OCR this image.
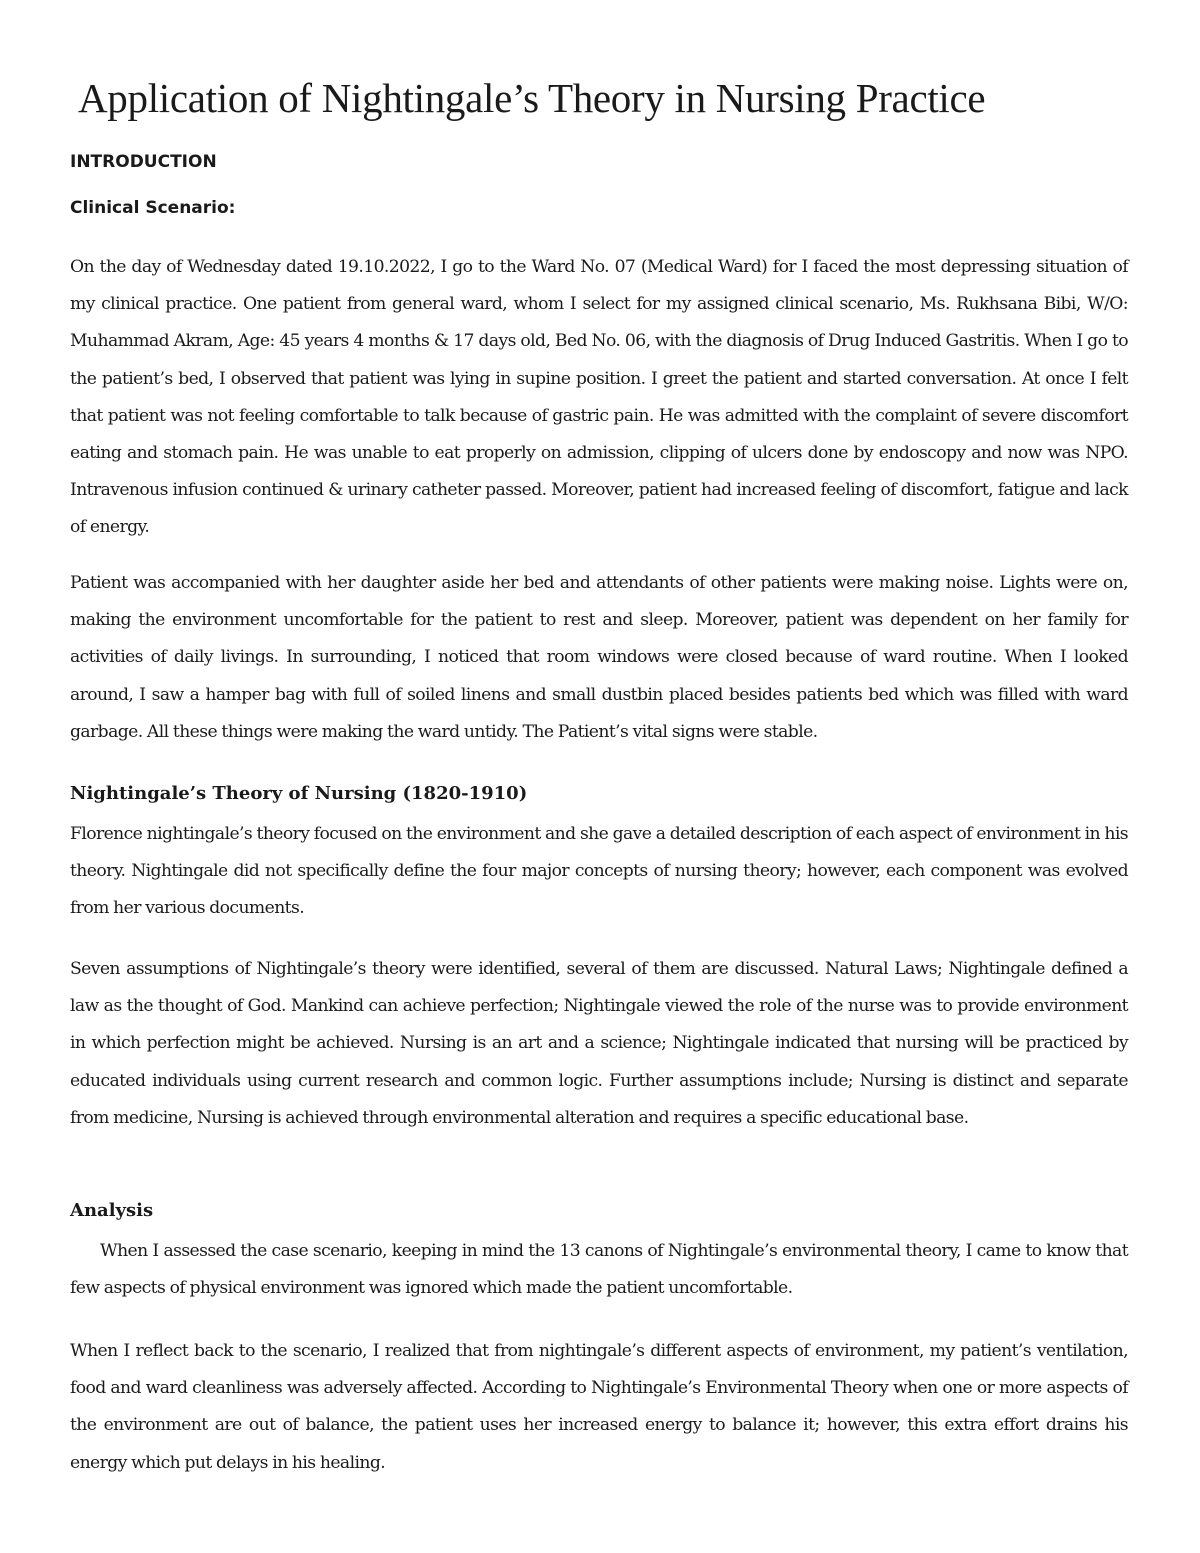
Application of Nightingale’s Theory in Nursing Practice
INTRODUCTION
Clinical Scenario:

On the day of Wednesday dated 19.10.2022, I go to the Ward No. 07 (Medical Ward) for I faced the most depressing situation of my clinical practice. One patient from general ward, whom I select for my assigned clinical scenario, Ms. Rukhsana Bibi, W/O: Muhammad Akram, Age: 45 years 4 months & 17 days old, Bed No. 06, with the diagnosis of Drug Induced Gastritis. When I go to the patient’s bed, I observed that patient was lying in supine position. I greet the patient and started conversation. At once I felt that patient was not feeling comfortable to talk because of gastric pain. He was admitted with the complaint of severe discomfort eating and stomach pain. He was unable to eat properly on admission, clipping of ulcers done by endoscopy and now was NPO. Intravenous infusion continued & urinary catheter passed. Moreover, patient had increased feeling of discomfort, fatigue and lack of energy.

Patient was accompanied with her daughter aside her bed and attendants of other patients were making noise. Lights were on, making the environment uncomfortable for the patient to rest and sleep. Moreover, patient was dependent on her family for activities of daily livings. In surrounding, I noticed that room windows were closed because of ward routine. When I looked around, I saw a hamper bag with full of soiled linens and small dustbin placed besides patients bed which was filled with ward garbage. All these things were making the ward untidy. The Patient’s vital signs were stable.

Nightingale’s Theory of Nursing (1820-1910)

Florence nightingale’s theory focused on the environment and she gave a detailed description of each aspect of environment in his theory. Nightingale did not specifically define the four major concepts of nursing theory; however, each component was evolved from her various documents.

Seven assumptions of Nightingale’s theory were identified, several of them are discussed. Natural Laws; Nightingale defined a law as the thought of God. Mankind can achieve perfection; Nightingale viewed the role of the nurse was to provide environment in which perfection might be achieved. Nursing is an art and a science; Nightingale indicated that nursing will be practiced by educated individuals using current research and common logic. Further assumptions include; Nursing is distinct and separate from medicine, Nursing is achieved through environmental alteration and requires a specific educational base.

Analysis

When I assessed the case scenario, keeping in mind the 13 canons of Nightingale’s environmental theory, I came to know that few aspects of physical environment was ignored which made the patient uncomfortable.

When I reflect back to the scenario, I realized that from nightingale’s different aspects of environment, my patient’s ventilation, food and ward cleanliness was adversely affected. According to Nightingale’s Environmental Theory when one or more aspects of the environment are out of balance, the patient uses her increased energy to balance it; however, this extra effort drains his energy which put delays in his healing.
